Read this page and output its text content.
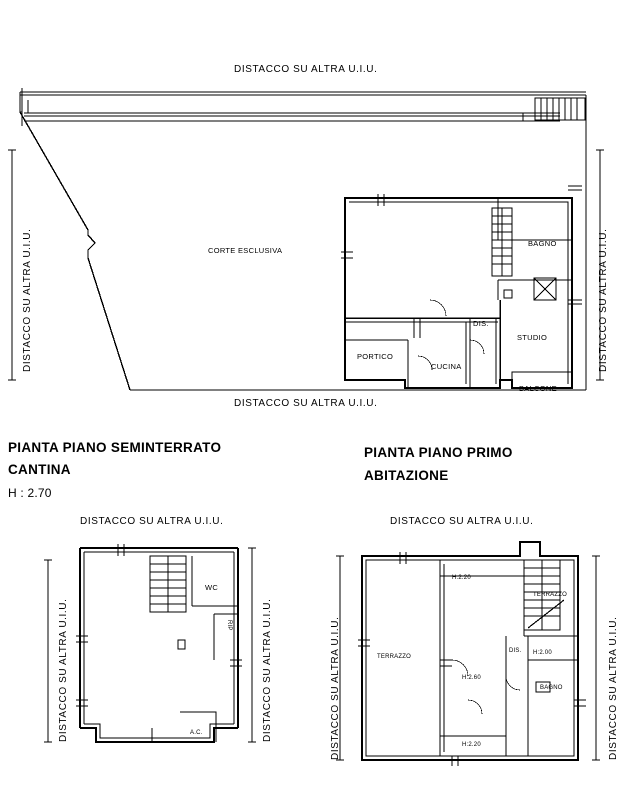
DISTACCO SU ALTRA U.I.U.
DISTACCO SU ALTRA U.I.U.
DISTACCO SU ALTRA U.I.U.	DISTACCO SU ALTRA U.I.U.
CORTE ESCLUSIVA
BAGNO
STUDIO
DIS.
CUCINA
PORTICO
BALCONE
PIANTA PIANO SEMINTERRATO
CANTINA
H : 2.70
PIANTA PIANO PRIMO
ABITAZIONE
DISTACCO SU ALTRA U.I.U.
DISTACCO SU ALTRA U.I.U.	DISTACCO SU ALTRA U.I.U.
WC
RIP
A.C.
DISTACCO SU ALTRA U.I.U.
DISTACCO SU ALTRA U.I.U.	DISTACCO SU ALTRA U.I.U.
TERRAZZO
TERRAZZO
BAGNO
DIS.
H:2.20
H:2.60
H:2.20
H:2.00
